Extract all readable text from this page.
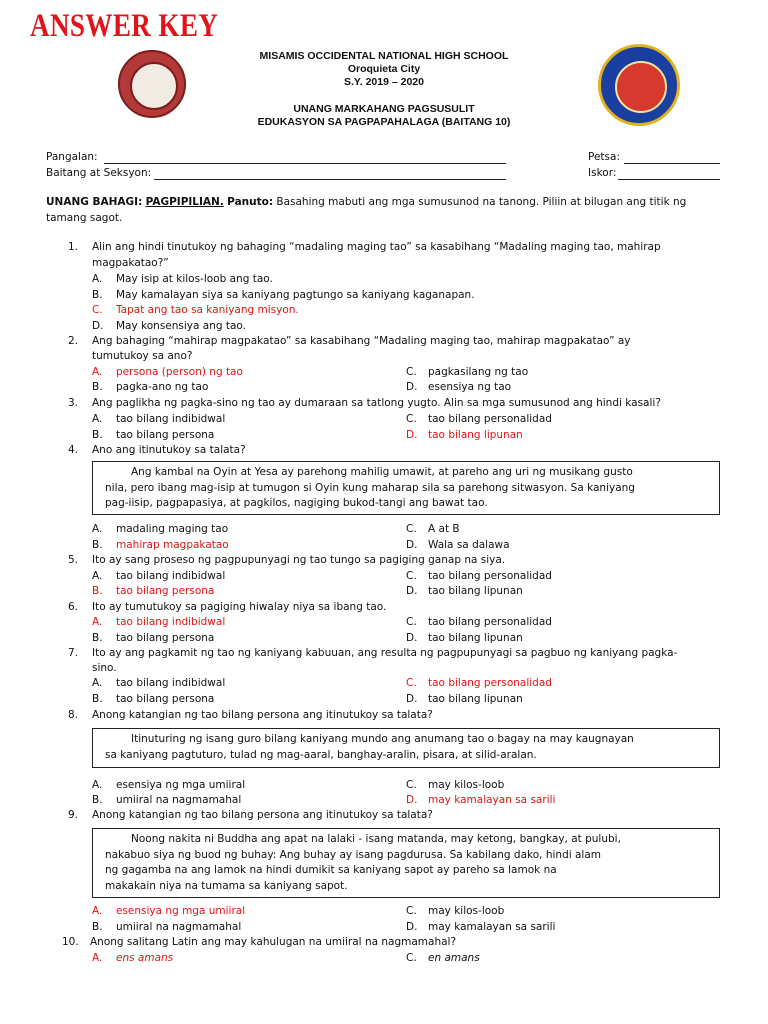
ANSWER KEY
MISAMIS OCCIDENTAL NATIONAL HIGH SCHOOL
Oroquieta City
S.Y. 2019 – 2020
UNANG MARKAHANG PAGSUSULIT
EDUKASYON SA PAGPAPAHALAGA (BAITANG 10)
Pangalan:
Baitang at Seksyon:
Petsa:
Iskor:
UNANG BAHAGI: PAGPIPILIAN. Panuto: Basahing mabuti ang mga sumusunod na tanong. Piliin at bilugan ang titik ng
tamang sagot.
1. Alin ang hindi tinutukoy ng bahaging “madaling maging tao” sa kasabihang “Madaling maging tao, mahirap
magpakatao?”
A. May isip at kilos-loob ang tao.
B. May kamalayan siya sa kaniyang pagtungo sa kaniyang kaganapan.
C. Tapat ang tao sa kaniyang misyon.
D. May konsensiya ang tao.
2. Ang bahaging “mahirap magpakatao” sa kasabihang “Madaling maging tao, mahirap magpakatao” ay
tumutukoy sa ano?
A. persona (person) ng tao	C. pagkasilang ng tao
B. pagka-ano ng tao	D. esensiya ng tao
3. Ang paglikha ng pagka-sino ng tao ay dumaraan sa tatlong yugto. Alin sa mga sumusunod ang hindi kasali?
A. tao bilang indibidwal	C. tao bilang personalidad
B. tao bilang persona	D. tao bilang lipunan
4. Ano ang itinutukoy sa talata?
Ang kambal na Oyin at Yesa ay parehong mahilig umawit, at pareho ang uri ng musikang gusto
nila, pero ibang mag-isip at tumugon si Oyin kung maharap sila sa parehong sitwasyon. Sa kaniyang
pag-iisip, pagpapasiya, at pagkilos, nagiging bukod-tangi ang bawat tao.
A. madaling maging tao	C. A at B
B. mahirap magpakatao	D. Wala sa dalawa
5. Ito ay sang proseso ng pagpupunyagi ng tao tungo sa pagiging ganap na siya.
A. tao bilang indibidwal	C. tao bilang personalidad
B. tao bilang persona	D. tao bilang lipunan
6. Ito ay tumutukoy sa pagiging hiwalay niya sa ibang tao.
A. tao bilang indibidwal	C. tao bilang personalidad
B. tao bilang persona	D. tao bilang lipunan
7. Ito ay ang pagkamit ng tao ng kaniyang kabuuan, ang resulta ng pagpupunyagi sa pagbuo ng kaniyang pagka-
sino.
A. tao bilang indibidwal	C. tao bilang personalidad
B. tao bilang persona	D. tao bilang lipunan
8. Anong katangian ng tao bilang persona ang itinutukoy sa talata?
Itinuturing ng isang guro bilang kaniyang mundo ang anumang tao o bagay na may kaugnayan
sa kaniyang pagtuturo, tulad ng mag-aaral, banghay-aralin, pisara, at silid-aralan.
A. esensiya ng mga umiiral	C. may kilos-loob
B. umiiral na nagmamahal	D. may kamalayan sa sarili
9. Anong katangian ng tao bilang persona ang itinutukoy sa talata?
Noong nakita ni Buddha ang apat na lalaki - isang matanda, may ketong, bangkay, at pulubi,
nakabuo siya ng buod ng buhay: Ang buhay ay isang pagdurusa. Sa kabilang dako, hindi alam
ng gagamba na ang lamok na hindi dumikit sa kaniyang sapot ay pareho sa lamok na
makakain niya na tumama sa kaniyang sapot.
A. esensiya ng mga umiiral	C. may kilos-loob
B. umiiral na nagmamahal	D. may kamalayan sa sarili
10. Anong salitang Latin ang may kahulugan na umiiral na nagmamahal?
A. ens amans	C. en amans
